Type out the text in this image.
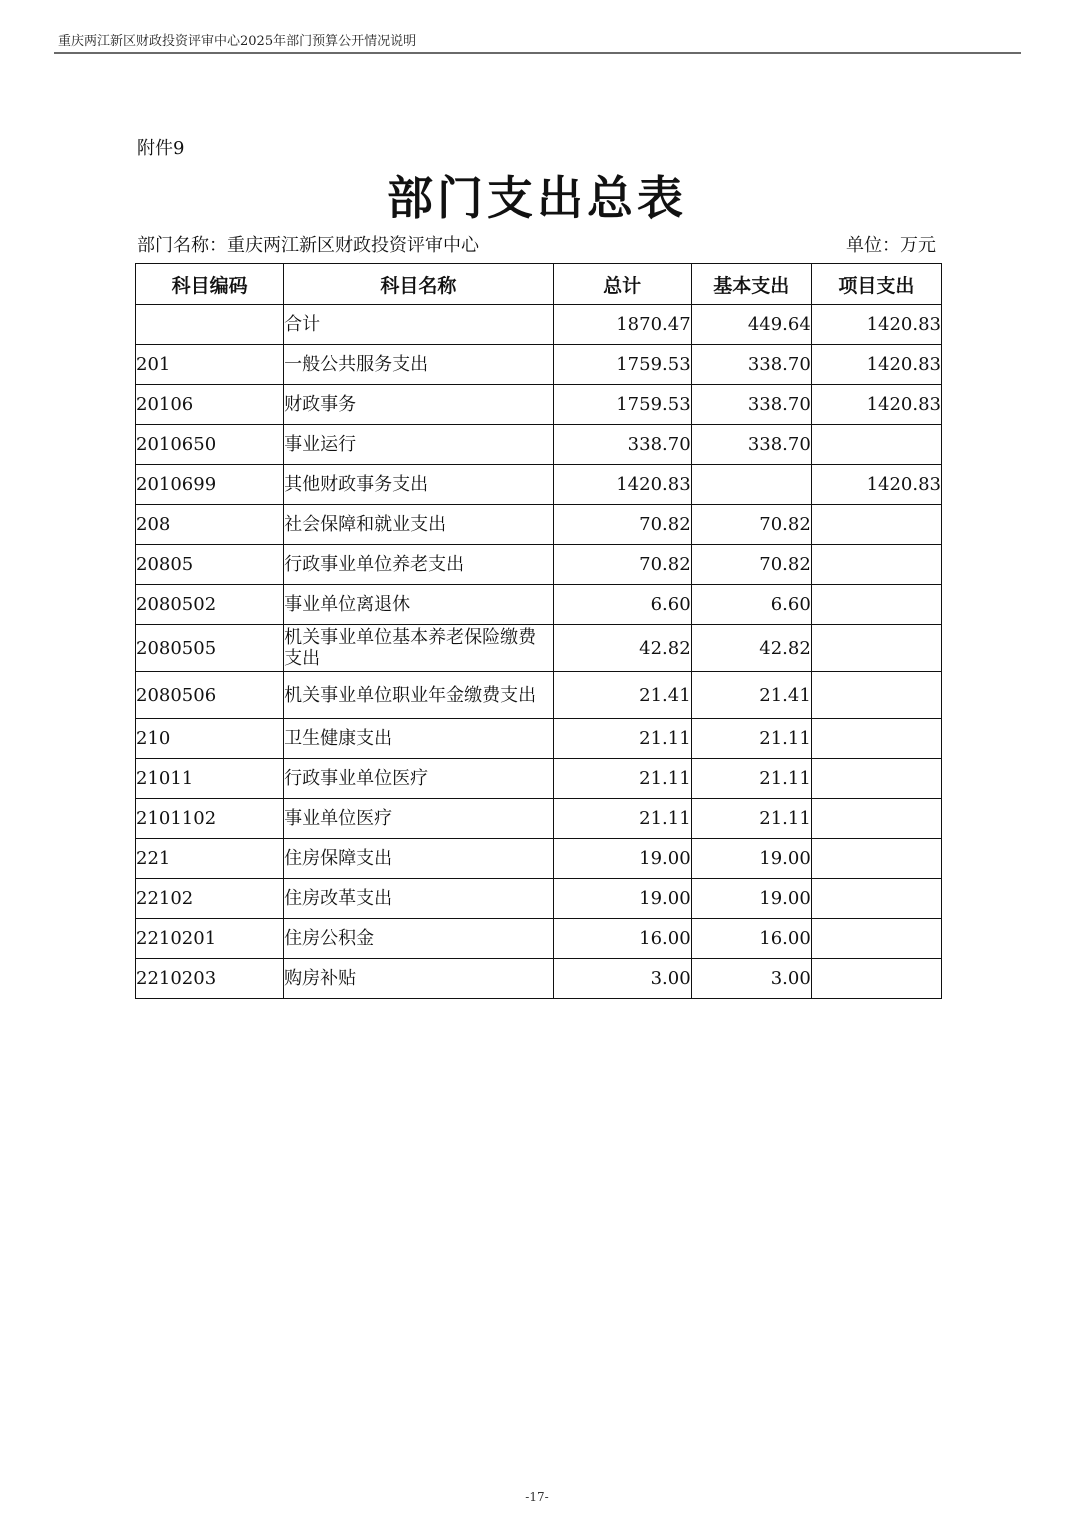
重庆两江新区财政投资评审中心2025年部门预算公开情况说明
附件9
部门支出总表
部门名称：重庆两江新区财政投资评审中心	单位：万元
科目编码	科目名称	总计	基本支出	项目支出
	合计	1870.47	449.64	1420.83
201	一般公共服务支出	1759.53	338.70	1420.83
20106	财政事务	1759.53	338.70	1420.83
2010650	事业运行	338.70	338.70	
2010699	其他财政事务支出	1420.83		1420.83
208	社会保障和就业支出	70.82	70.82	
20805	行政事业单位养老支出	70.82	70.82	
2080502	事业单位离退休	6.60	6.60	
2080505	机关事业单位基本养老保险缴费支出	42.82	42.82	
2080506	机关事业单位职业年金缴费支出	21.41	21.41	
210	卫生健康支出	21.11	21.11	
21011	行政事业单位医疗	21.11	21.11	
2101102	事业单位医疗	21.11	21.11	
221	住房保障支出	19.00	19.00	
22102	住房改革支出	19.00	19.00	
2210201	住房公积金	16.00	16.00	
2210203	购房补贴	3.00	3.00	
-17-
